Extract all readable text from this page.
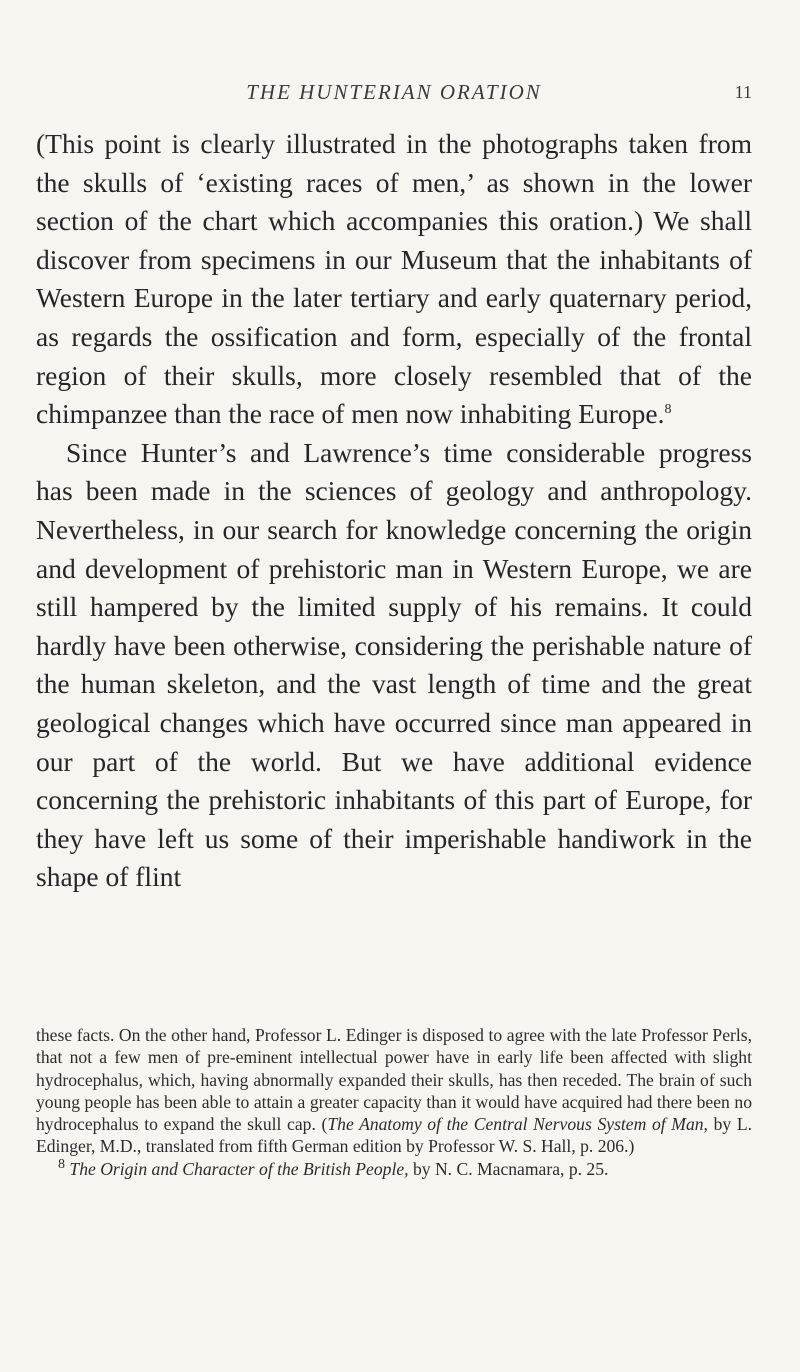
THE HUNTERIAN ORATION	11

(This point is clearly illustrated in the photographs taken from the skulls of ‘existing races of men,’ as shown in the lower section of the chart which accompanies this oration.) We shall discover from specimens in our Museum that the inhabitants of Western Europe in the later tertiary and early quaternary period, as regards the ossification and form, especially of the frontal region of their skulls, more closely resembled that of the chimpanzee than the race of men now inhabiting Europe.$^8$

Since Hunter’s and Lawrence’s time considerable progress has been made in the sciences of geology and anthropology. Nevertheless, in our search for knowledge concerning the origin and development of prehistoric man in Western Europe, we are still hampered by the limited supply of his remains. It could hardly have been otherwise, considering the perishable nature of the human skeleton, and the vast length of time and the great geological changes which have occurred since man appeared in our part of the world. But we have additional evidence concerning the prehistoric inhabitants of this part of Europe, for they have left us some of their imperishable handiwork in the shape of flint

these facts. On the other hand, Professor L. Edinger is disposed to agree with the late Professor Perls, that not a few men of pre-eminent intellectual power have in early life been affected with slight hydrocephalus, which, having abnormally expanded their skulls, has then receded. The brain of such young people has been able to attain a greater capacity than it would have acquired had there been no hydrocephalus to expand the skull cap. (The Anatomy of the Central Nervous System of Man, by L. Edinger, M.D., translated from fifth German edition by Professor W. S. Hall, p. 206.)

$^8$ The Origin and Character of the British People, by N. C. Macnamara, p. 25.
